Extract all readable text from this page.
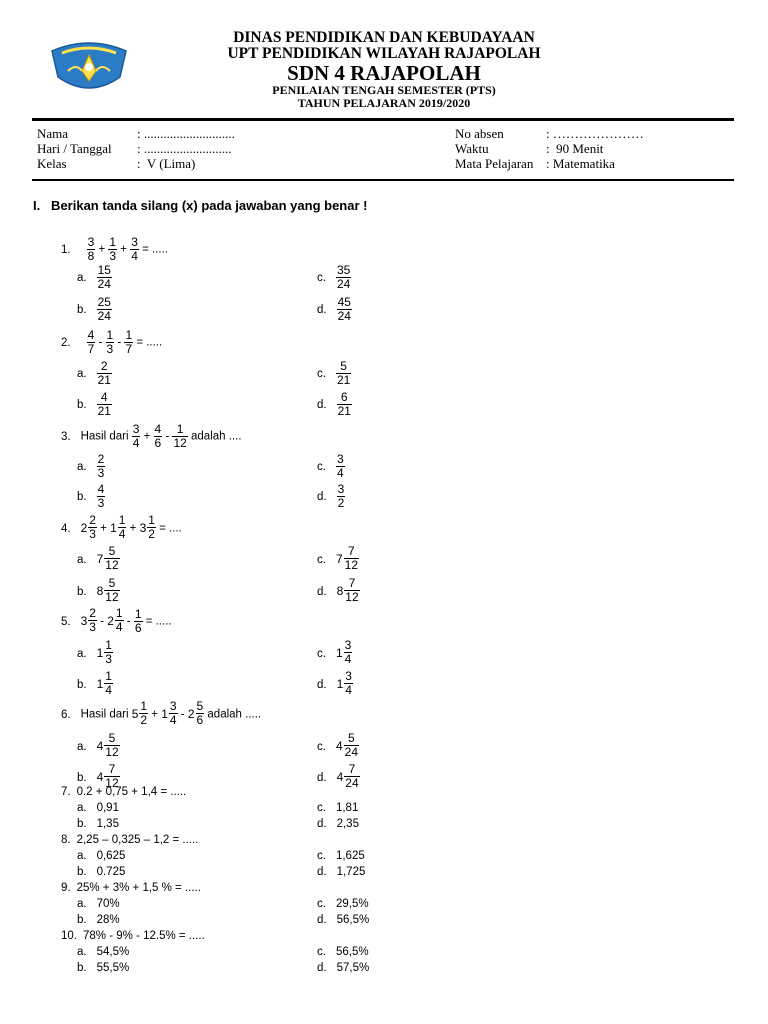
DINAS PENDIDIKAN DAN KEBUDAYAAN
UPT PENDIDIKAN WILAYAH RAJAPOLAH
SDN 4 RAJAPOLAH
PENILAIAN TENGAH SEMESTER (PTS)
TAHUN PELAJARAN 2019/2020
Nama	: ............................
Hari / Tanggal : ...........................
Kelas	:  V (Lima)
No absen	: …………………
Waktu	:  90 Menit
Mata Pelajaran : Matematika
I.   Berikan tanda silang (x) pada jawaban yang benar !
1. $\frac{3}{8} + \frac{1}{3} + \frac{3}{4}$ = .....
a. $\frac{15}{24}$
b. $\frac{25}{24}$
c. $\frac{35}{24}$
d. $\frac{45}{24}$
2. $\frac{4}{7} - \frac{1}{3} - \frac{1}{7}$ = .....
a. $\frac{2}{21}$
b. $\frac{4}{21}$
c. $\frac{5}{21}$
d. $\frac{6}{21}$
3. Hasil dari $\frac{3}{4} + \frac{4}{6} - \frac{1}{12}$ adalah ....
a. $\frac{2}{3}$
b. $\frac{4}{3}$
c. $\frac{3}{4}$
d. $\frac{3}{2}$
4. 2
2
3 + 1
1
4 + 3
1
2 = ....
a. 7
5
12
b. 8
5
12
c. 7
7
12
d. 8
7
12
5. 3
2
3 - 2
1
$4 - \frac{1}{6}$ = .....
a. 1
1
3
b. 1
1
4
c. 1
3
4
d. 1
3
4
6. Hasil dari 5
1
2 + 1
3
4 - 2
5
6 adalah .....
a. 4
5
12
b. 4
7
12
c. 4
5
24
d. 4
7
24
7. 0.2 + 0,75 + 1,4 = .....
a. 0,91
b. 1,35
c. 1,81
d. 2,35
8. 2,25 – 0,325 – 1,2 = .....
a. 0,625
b. 0.725
c. 1,625
d. 1,725
9. 25% + 3% + 1,5 % = .....
a. 70%
b. 28%
c. 29,5%
d. 56,5%
10. 78% - 9% - 12.5% = .....
a. 54,5%
b. 55,5%
c. 56,5%
d. 57,5%
